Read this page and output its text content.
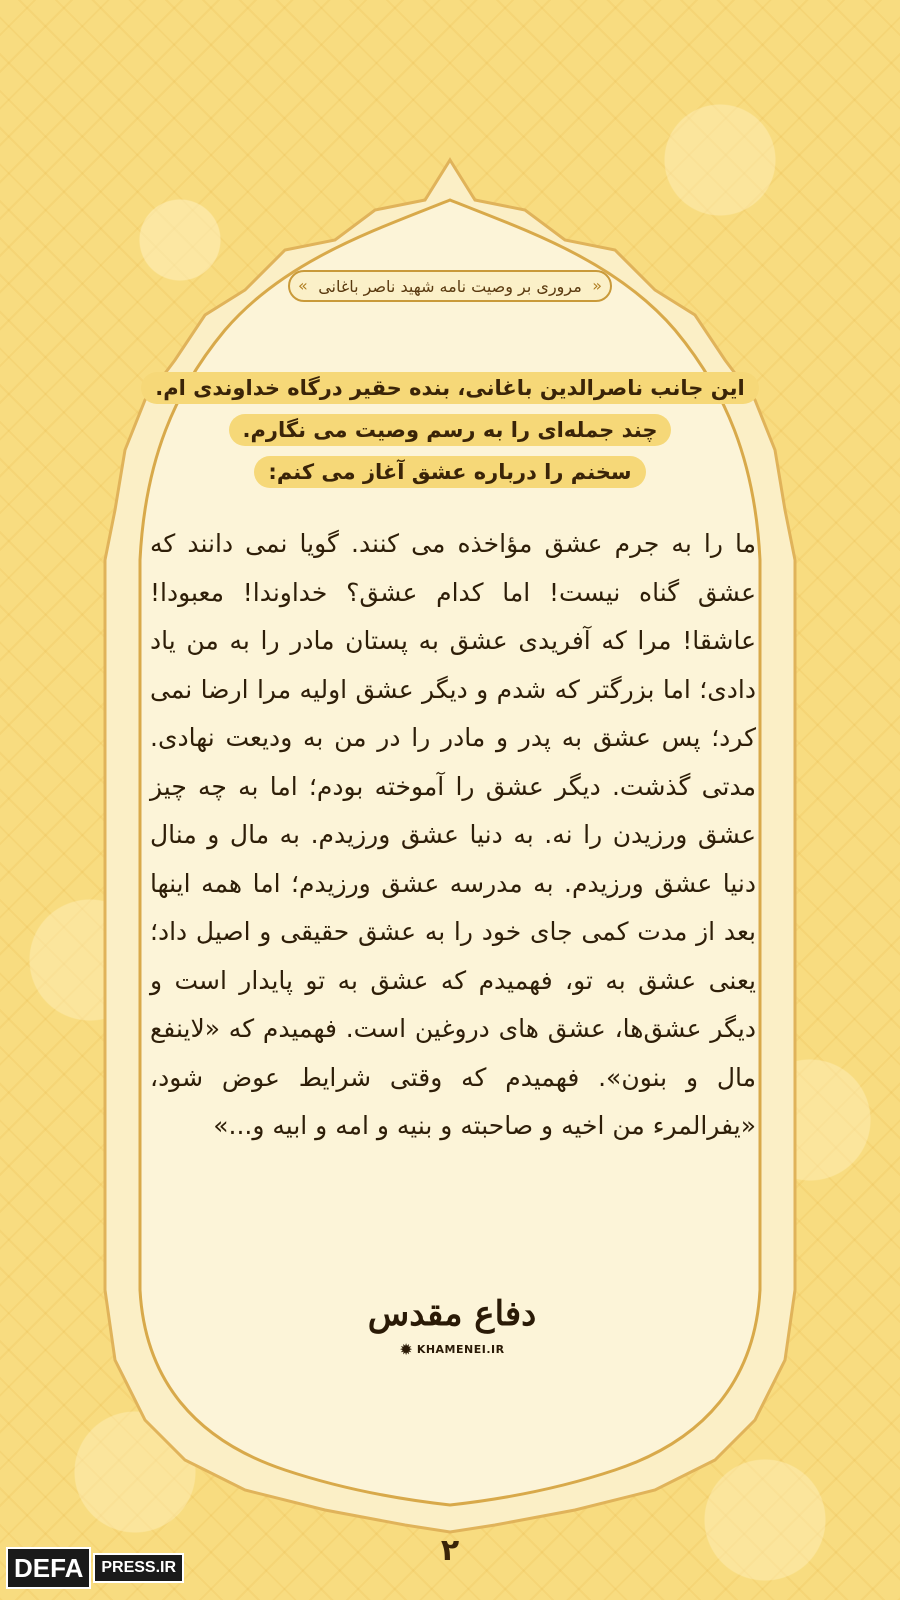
« مروری بر وصیت نامه شهید ناصر باغانی »
این جانب ناصرالدین باغانی، بنده حقیر درگاه خداوندی ام.
چند جمله‌ای را به رسم وصیت می نگارم.
سخنم را درباره عشق آغاز می کنم:
ما را به جرم عشق مؤاخذه می کنند. گویا نمی دانند که عشق گناه نیست! اما کدام عشق؟ خداوندا! معبودا! عاشقا! مرا که آفریدی عشق به پستان مادر را به من یاد دادی؛ اما بزرگتر که شدم و دیگر عشق اولیه مرا ارضا نمی کرد؛ پس عشق به پدر و مادر را در من به ودیعت نهادی. مدتی گذشت. دیگر عشق را آموخته بودم؛ اما به چه چیز عشق ورزیدن را نه. به دنیا عشق ورزیدم. به مال و منال دنیا عشق ورزیدم. به مدرسه عشق ورزیدم؛ اما همه اینها بعد از مدت کمی جای خود را به عشق حقیقی و اصیل داد؛ یعنی عشق به تو، فهمیدم که عشق به تو پایدار است و دیگر عشق‌ها، عشق های دروغین است. فهمیدم که «لاینفع مال و بنون». فهمیدم که وقتی شرایط عوض شود، «یفرالمرء من اخیه و صاحبته و بنیه و امه و ابیه و...»
دفاع مقدس
✹ KHAMENEI.IR
۲
DEFA	PRESS.IR
